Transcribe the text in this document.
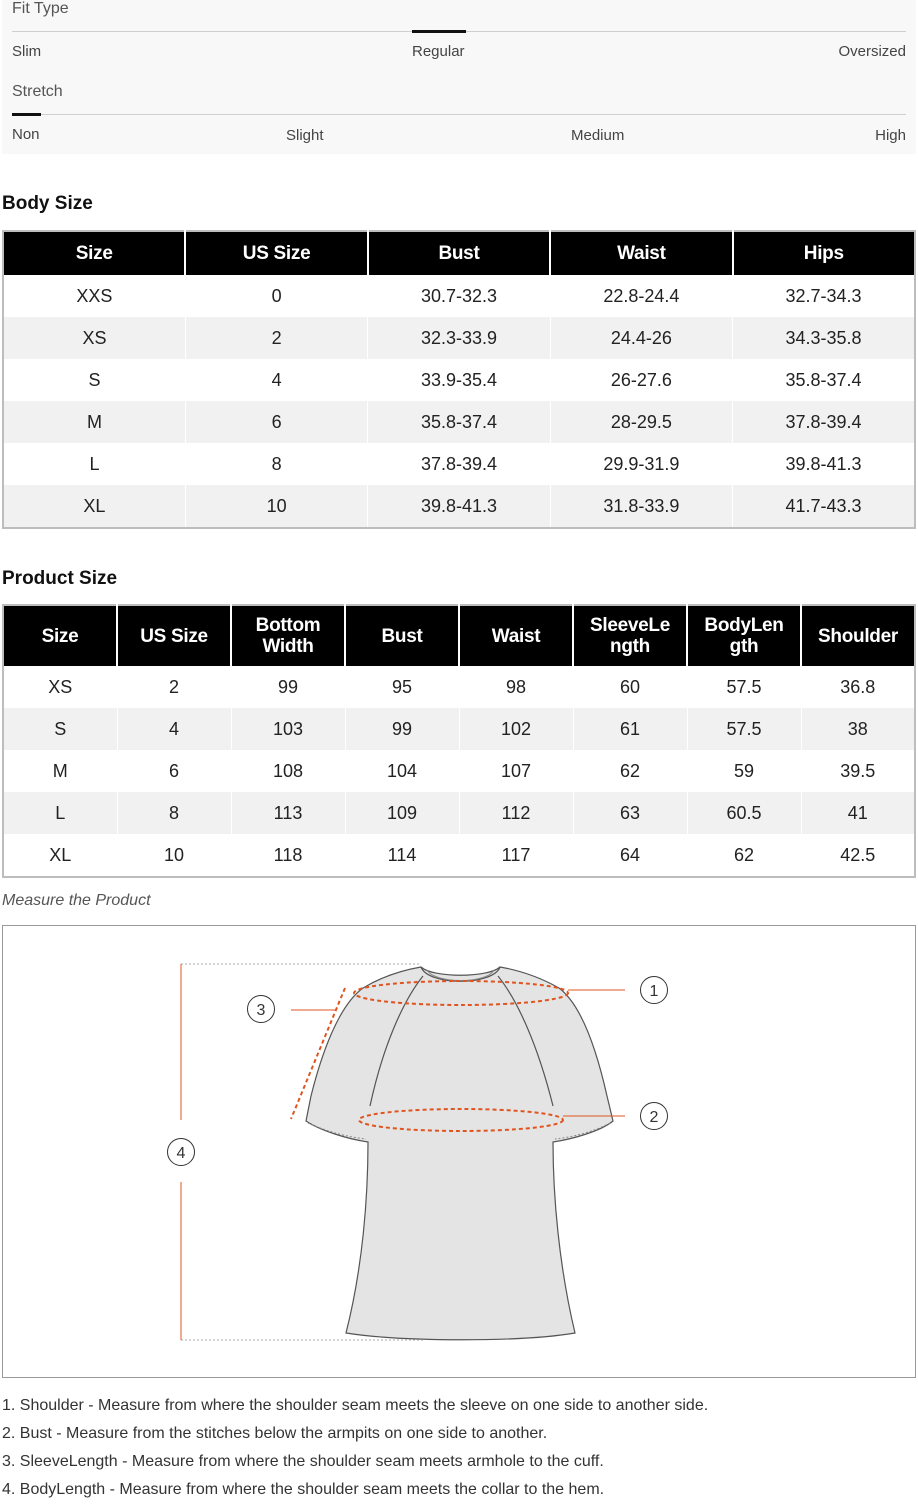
Fit Type
Slim	Regular	Oversized
Stretch
Non	Slight	Medium	High
Body Size
Size	US Size	Bust	Waist	Hips
XXS	0	30.7-32.3	22.8-24.4	32.7-34.3
XS	2	32.3-33.9	24.4-26	34.3-35.8
S	4	33.9-35.4	26-27.6	35.8-37.4
M	6	35.8-37.4	28-29.5	37.8-39.4
L	8	37.8-39.4	29.9-31.9	39.8-41.3
XL	10	39.8-41.3	31.8-33.9	41.7-43.3
Product Size
Size	US Size	Bottom Width	Bust	Waist	SleeveLe ngth	BodyLen gth	Shoulder
XS	2	99	95	98	60	57.5	36.8
S	4	103	99	102	61	57.5	38
M	6	108	104	107	62	59	39.5
L	8	113	109	112	63	60.5	41
XL	10	118	114	117	64	62	42.5
Measure the Product
1
2
3
4
1. Shoulder - Measure from where the shoulder seam meets the sleeve on one side to another side.
2. Bust - Measure from the stitches below the armpits on one side to another.
3. SleeveLength - Measure from where the shoulder seam meets armhole to the cuff.
4. BodyLength - Measure from where the shoulder seam meets the collar to the hem.
